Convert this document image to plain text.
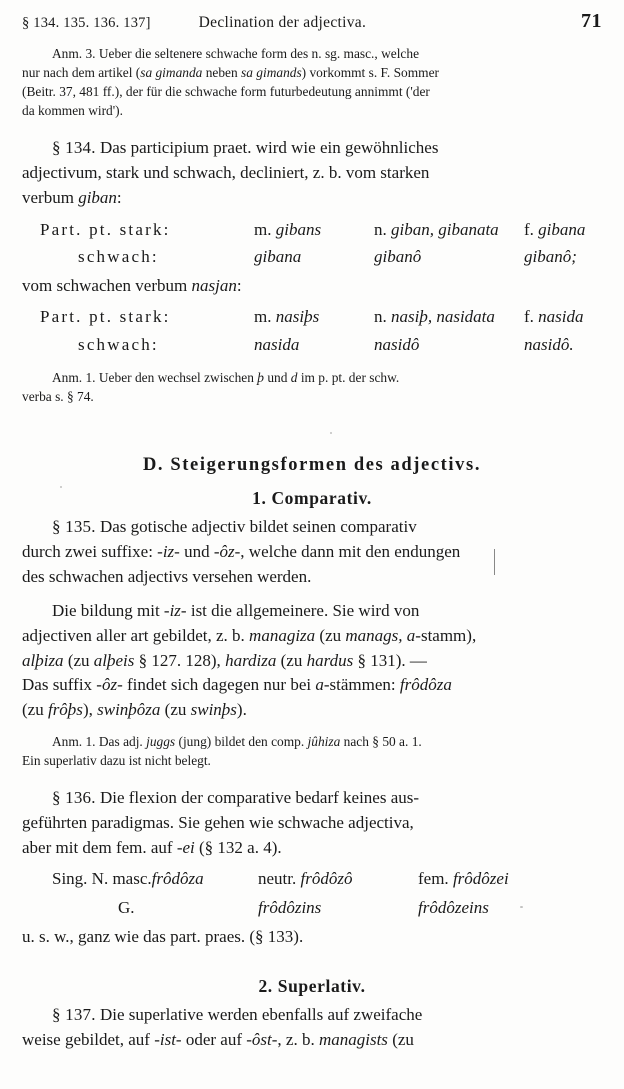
§ 134. 135. 136. 137]	Declination der adjectiva.	71
Anm. 3. Ueber die seltenere schwache form des n. sg. masc., welche
nur nach dem artikel (sa gimanda neben sa gimands) vorkommt s. F. Sommer
(Beitr. 37, 481 ff.), der für die schwache form futurbedeutung annimmt ('der
da kommen wird').
§ 134. Das participium praet. wird wie ein gewöhnliches
adjectivum, stark und schwach, decliniert, z. b. vom starken
verbum giban:
Part. pt. stark:	m. gibans	n. giban, gibanata	f. gibana
schwach:	gibana	gibanô	gibanô;
vom schwachen verbum nasjan:
Part. pt. stark:	m. nasiþs	n. nasiþ, nasidata	f. nasida
schwach:	nasida	nasidô	nasidô.
Anm. 1. Ueber den wechsel zwischen þ und d im p. pt. der schw.
verba s. § 74.
D. Steigerungsformen des adjectivs.
1. Comparativ.
§ 135. Das gotische adjectiv bildet seinen comparativ
durch zwei suffixe: -iz- und -ôz-, welche dann mit den endungen
des schwachen adjectivs versehen werden.
Die bildung mit -iz- ist die allgemeinere. Sie wird von
adjectiven aller art gebildet, z. b. managiza (zu manags, a-stamm),
alþiza (zu alþeis § 127. 128), hardiza (zu hardus § 131). —
Das suffix -ôz- findet sich dagegen nur bei a-stämmen: frôdôza
(zu frôþs), swinþôza (zu swinþs).
Anm. 1. Das adj. juggs (jung) bildet den comp. jûhiza nach § 50 a. 1.
Ein superlativ dazu ist nicht belegt.
§ 136. Die flexion der comparative bedarf keines aus-
geführten paradigmas. Sie gehen wie schwache adjectiva,
aber mit dem fem. auf -ei (§ 132 a. 4).
Sing. N. masc.frôdôza	neutr. frôdôzô	fem. frôdôzei
G.	frôdôzins	frôdôzeins
u. s. w., ganz wie das part. praes. (§ 133).
2. Superlativ.
§ 137. Die superlative werden ebenfalls auf zweifache
weise gebildet, auf -ist- oder auf -ôst-, z. b. managists (zu
